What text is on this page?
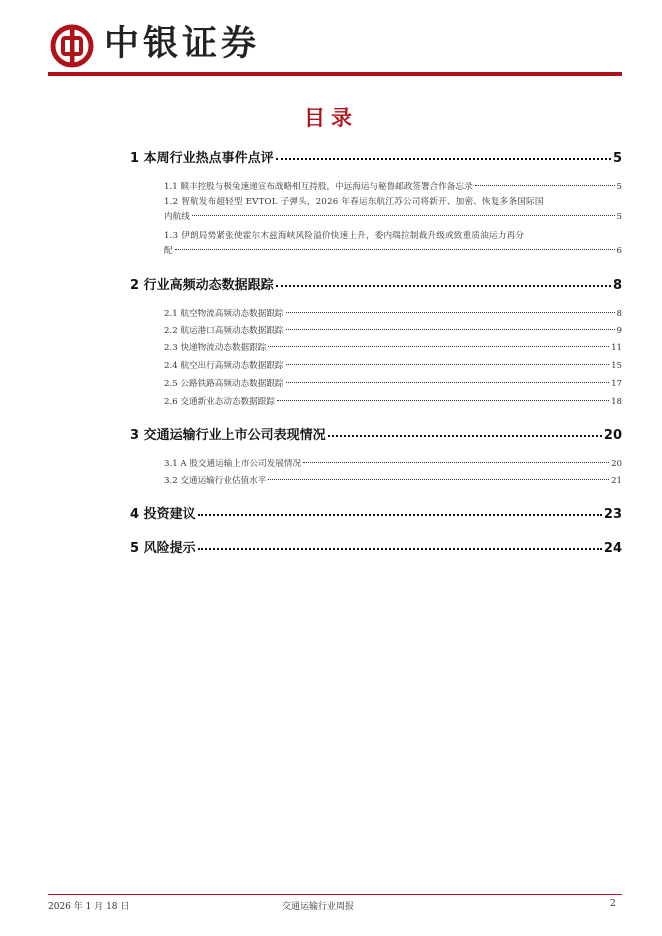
中银证券
目录
1 本周行业热点事件点评	5
1.1 顺丰控股与极兔速递宣布战略相互持股，中远海运与秘鲁邮政签署合作备忘录	5
1.2 智航发布超轻型 EVTOL 子弹头，2026 年春运东航江苏公司将新开、加密、恢复多条国际国
内航线	5
1.3 伊朗局势紧张使霍尔木兹海峡风险溢价快速上升，委内瑞拉制裁升级或致重质油运力再分
配	6
2 行业高频动态数据跟踪	8
2.1 航空物流高频动态数据跟踪	8
2.2 航运港口高频动态数据跟踪	9
2.3 快递物流动态数据跟踪	11
2.4 航空出行高频动态数据跟踪	15
2.5 公路铁路高频动态数据跟踪	17
2.6 交通新业态动态数据跟踪	18
3 交通运输行业上市公司表现情况	20
3.1 A 股交通运输上市公司发展情况	20
3.2 交通运输行业估值水平	21
4 投资建议	23
5 风险提示	24
2026 年 1 月 18 日	交通运输行业周报	2
